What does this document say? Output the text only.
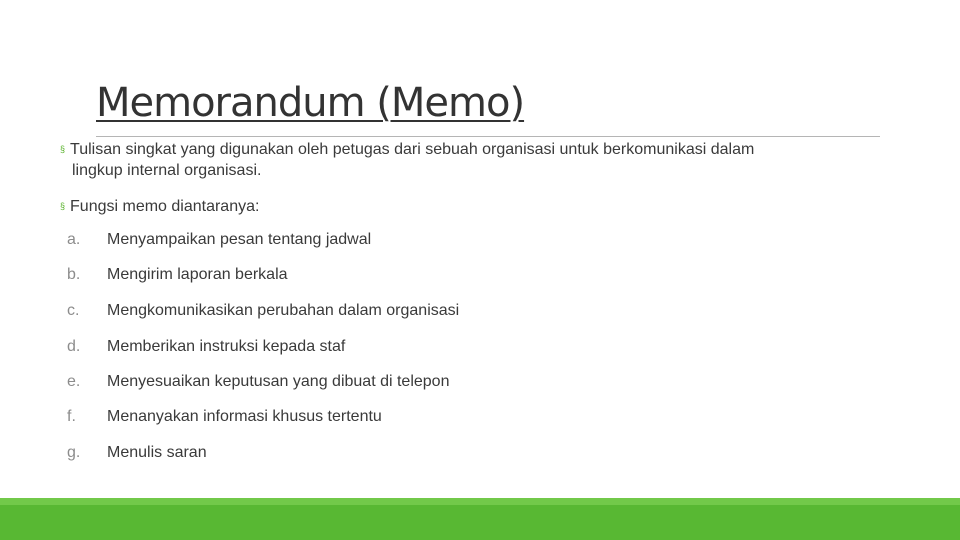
Memorandum (Memo)
§ Tulisan singkat yang digunakan oleh petugas dari sebuah organisasi untuk berkomunikasi dalam
lingkup internal organisasi.
§ Fungsi memo diantaranya:
a. Menyampaikan pesan tentang jadwal
b. Mengirim laporan berkala
c. Mengkomunikasikan perubahan dalam organisasi
d. Memberikan instruksi kepada staf
e. Menyesuaikan keputusan yang dibuat di telepon
f. Menanyakan informasi khusus tertentu
g. Menulis saran
